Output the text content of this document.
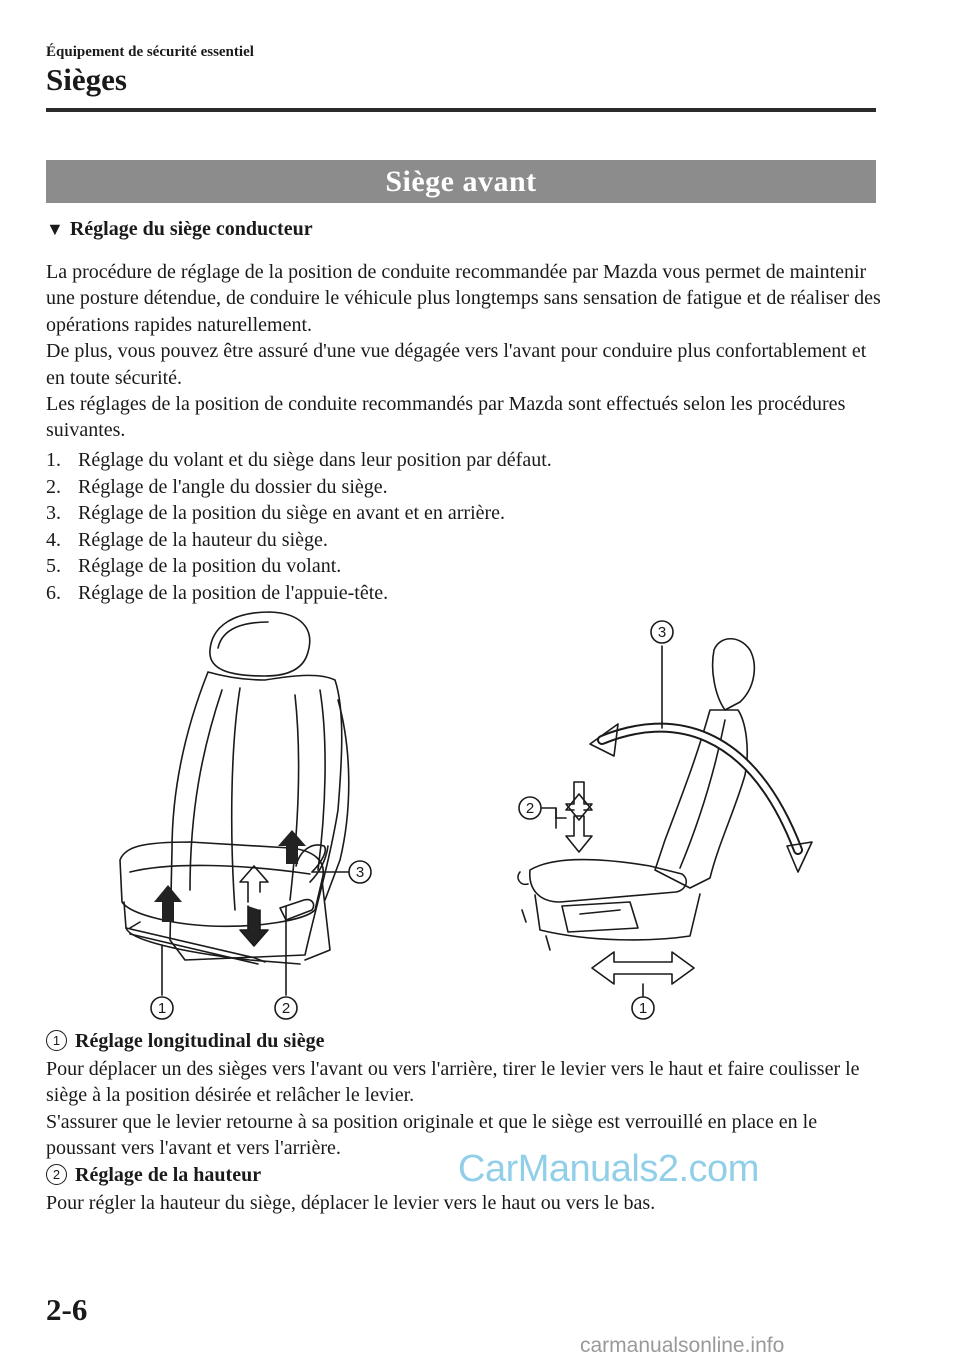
Équipement de sécurité essentiel
Sièges
Siège avant
▼ Réglage du siège conducteur
La procédure de réglage de la position de conduite recommandée par Mazda vous permet de maintenir une posture détendue, de conduire le véhicule plus longtemps sans sensation de fatigue et de réaliser des opérations rapides naturellement.
De plus, vous pouvez être assuré d'une vue dégagée vers l'avant pour conduire plus confortablement et en toute sécurité.
Les réglages de la position de conduite recommandés par Mazda sont effectués selon les procédures suivantes.
1. Réglage du volant et du siège dans leur position par défaut.
2. Réglage de l'angle du dossier du siège.
3. Réglage de la position du siège en avant et en arrière.
4. Réglage de la hauteur du siège.
5. Réglage de la position du volant.
6. Réglage de la position de l'appuie-tête.
1	2
3
1
2
3
1 Réglage longitudinal du siège
Pour déplacer un des sièges vers l'avant ou vers l'arrière, tirer le levier vers le haut et faire coulisser le siège à la position désirée et relâcher le levier.
S'assurer que le levier retourne à sa position originale et que le siège est verrouillé en place en le poussant vers l'avant et vers l'arrière.
2 Réglage de la hauteur
Pour régler la hauteur du siège, déplacer le levier vers le haut ou vers le bas.
CarManuals2.com
2-6
carmanualsonline.info
